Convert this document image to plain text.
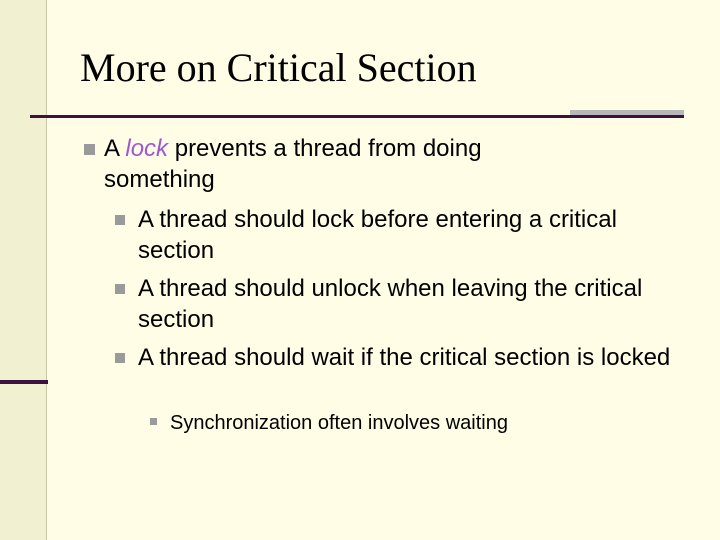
More on Critical Section
A lock prevents a thread from doing something
A thread should lock before entering a critical section
A thread should unlock when leaving the critical section
A thread should wait if the critical section is locked
Synchronization often involves waiting
